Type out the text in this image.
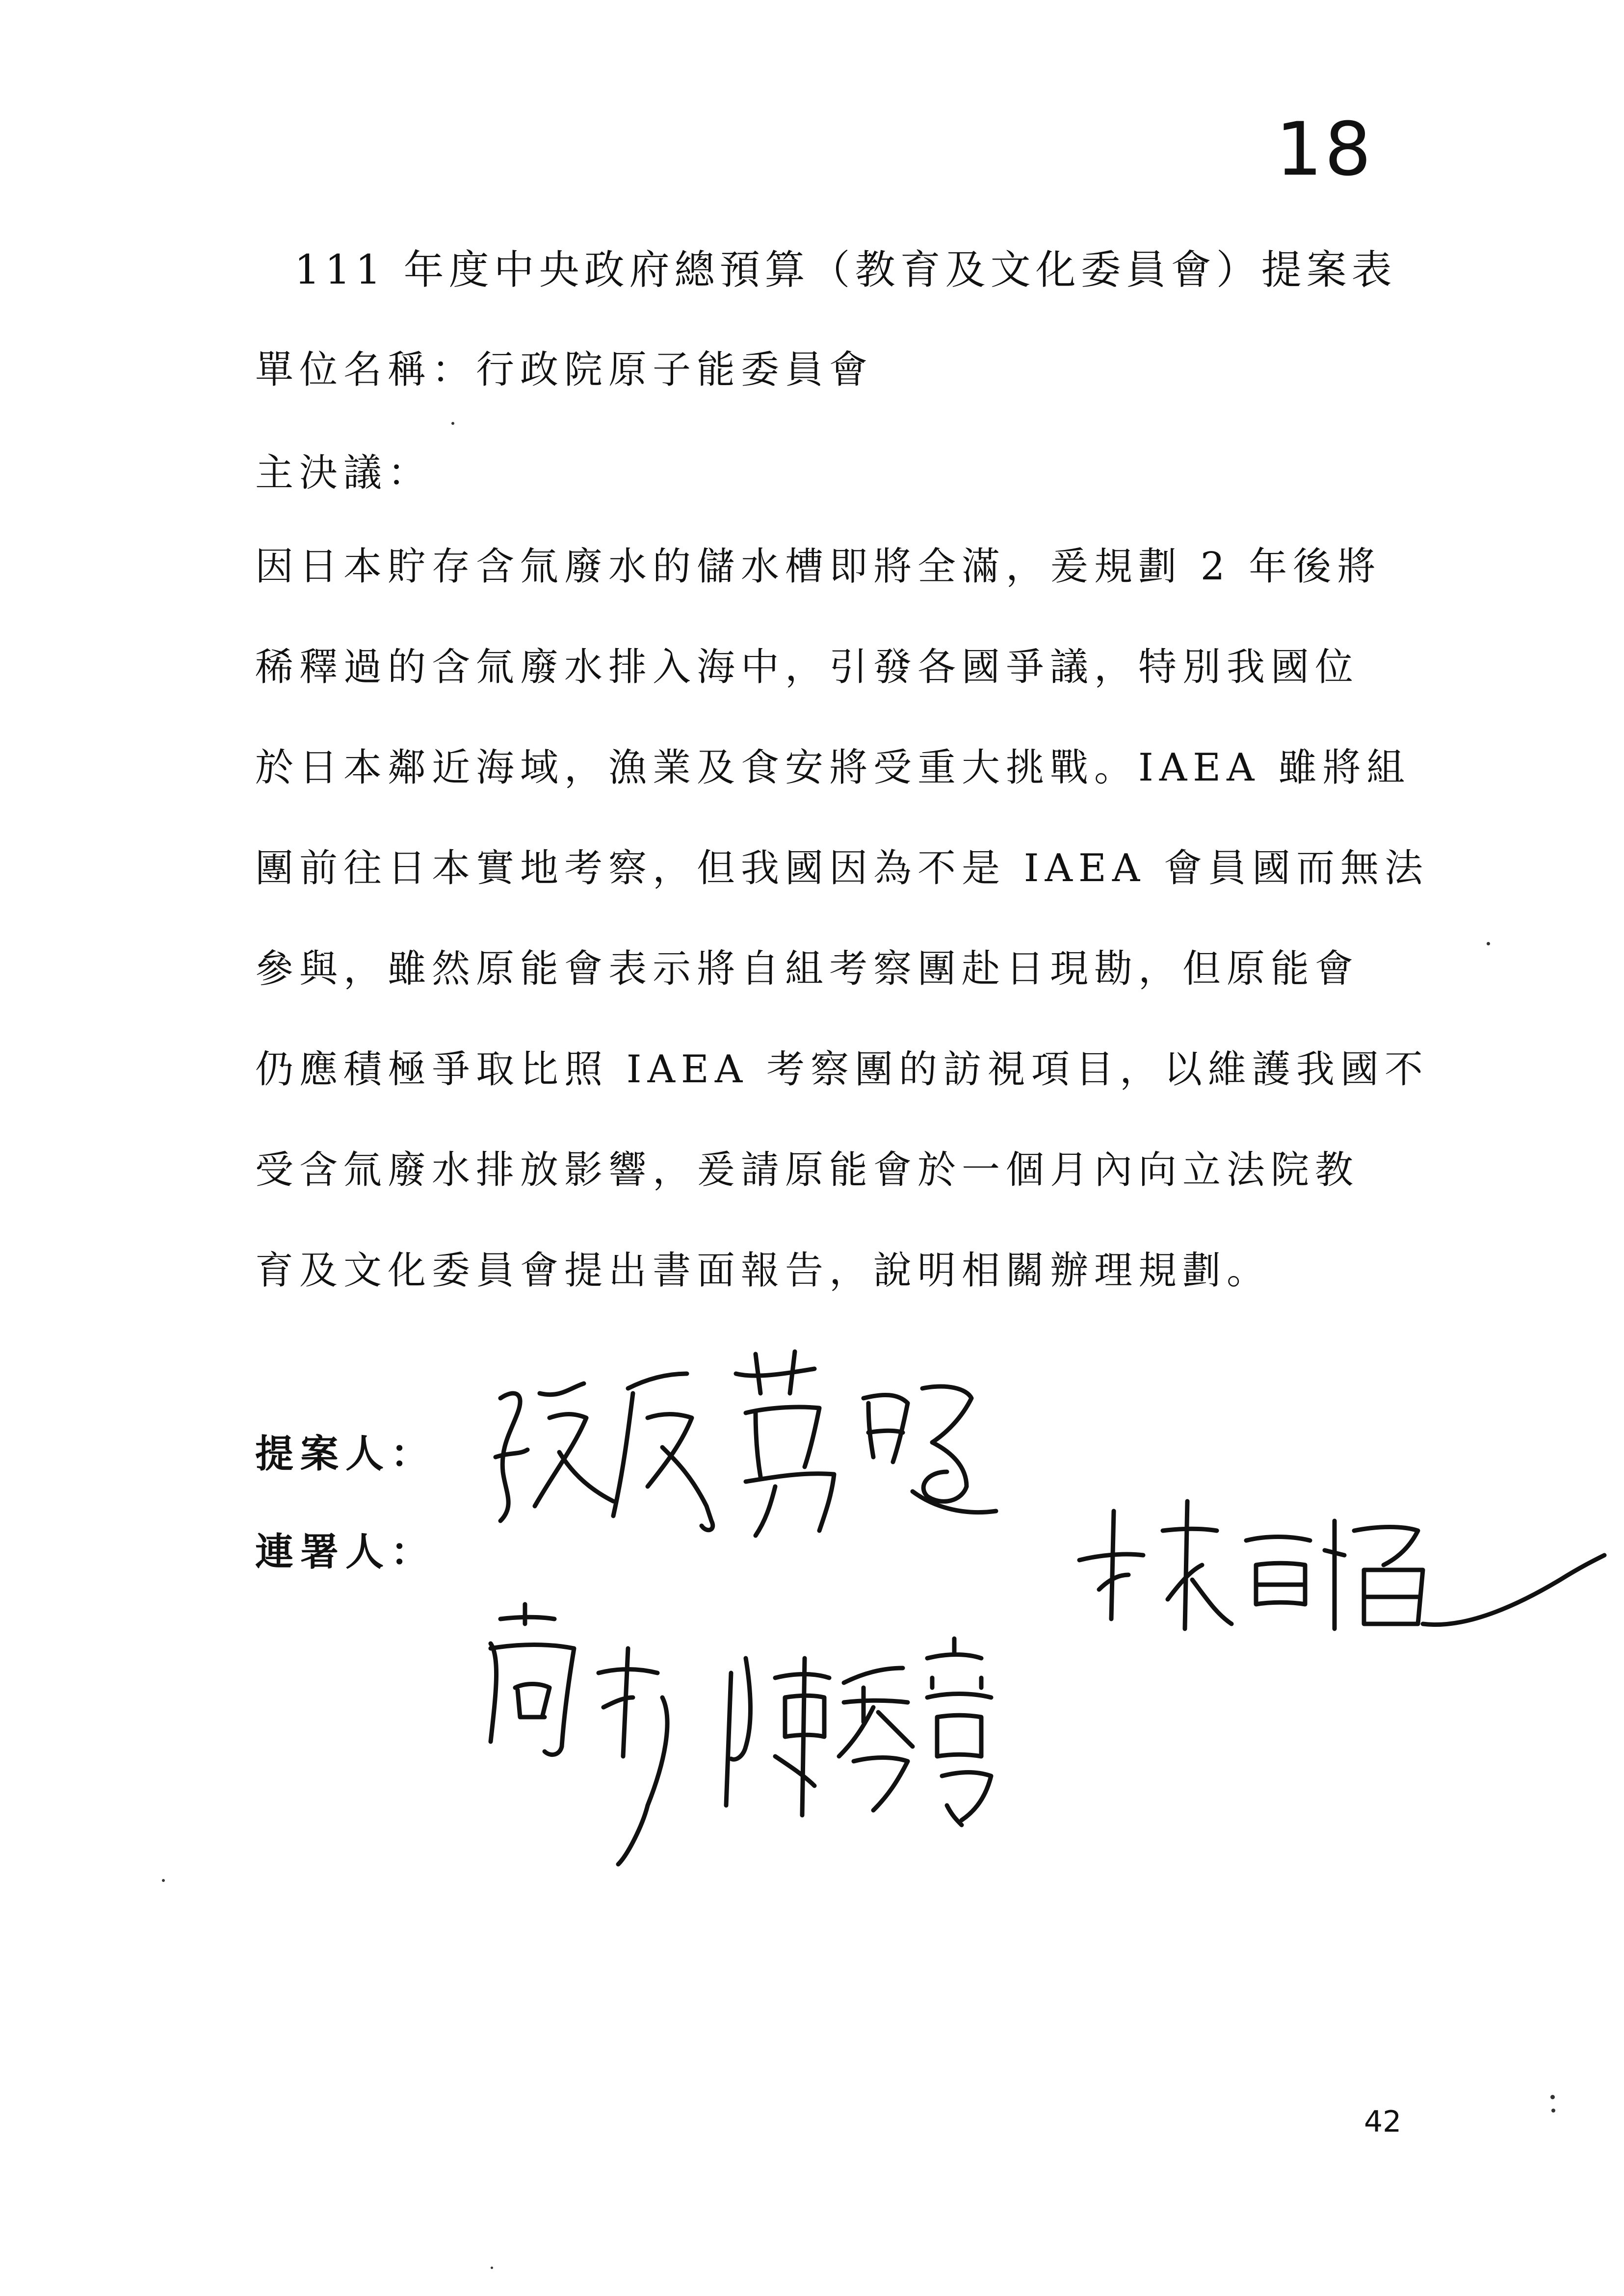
18
111 年度中央政府總預算（教育及文化委員會）提案表
單位名稱：行政院原子能委員會
主決議：
因日本貯存含氚廢水的儲水槽即將全滿，爰規劃 2 年後將
稀釋過的含氚廢水排入海中，引發各國爭議，特別我國位
於日本鄰近海域，漁業及食安將受重大挑戰。IAEA 雖將組
團前往日本實地考察，但我國因為不是 IAEA 會員國而無法
參與，雖然原能會表示將自組考察團赴日現勘，但原能會
仍應積極爭取比照 IAEA 考察團的訪視項目，以維護我國不
受含氚廢水排放影響，爰請原能會於一個月內向立法院教
育及文化委員會提出書面報告，說明相關辦理規劃。
提案人：
連署人：
42
